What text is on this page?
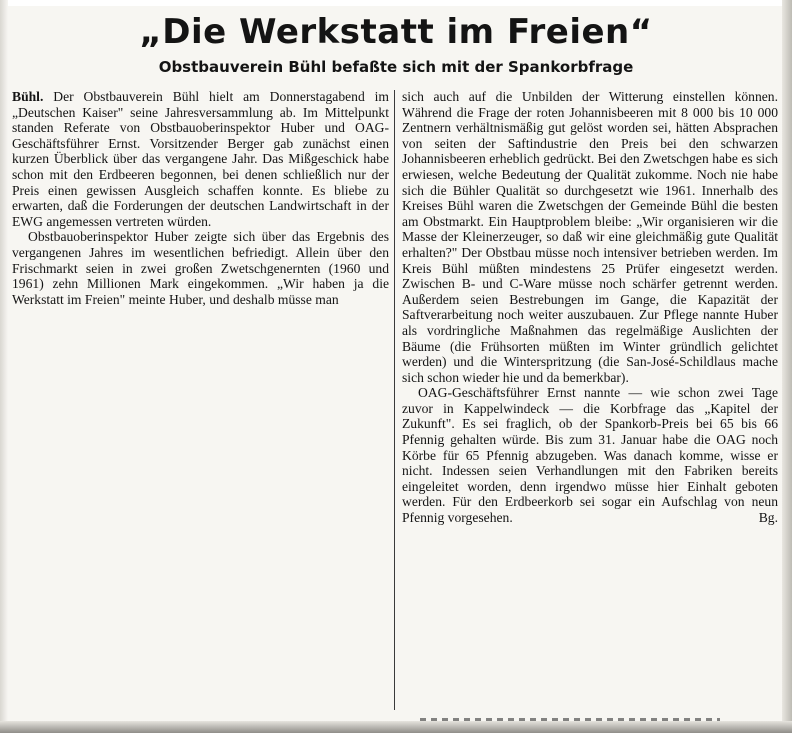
„Die Werkstatt im Freien“
Obstbauverein Bühl befaßte sich mit der Spankorbfrage

Bühl. Der Obstbauverein Bühl hielt am Donnerstagabend im „Deutschen Kaiser" seine Jahresversammlung ab. Im Mittelpunkt standen Referate von Obstbauoberinspektor Huber und OAG-Geschäftsführer Ernst. Vorsitzender Berger gab zunächst einen kurzen Überblick über das vergangene Jahr. Das Mißgeschick habe schon mit den Erdbeeren begonnen, bei denen schließlich nur der Preis einen gewissen Ausgleich schaffen konnte. Es bliebe zu erwarten, daß die Forderungen der deutschen Landwirtschaft in der EWG angemessen vertreten würden.

Obstbauoberinspektor Huber zeigte sich über das Ergebnis des vergangenen Jahres im wesentlichen befriedigt. Allein über den Frischmarkt seien in zwei großen Zwetschgenernten (1960 und 1961) zehn Millionen Mark eingekommen. „Wir haben ja die Werkstatt im Freien" meinte Huber, und deshalb müsse man

sich auch auf die Unbilden der Witterung einstellen können. Während die Frage der roten Johannisbeeren mit 8 000 bis 10 000 Zentnern verhältnismäßig gut gelöst worden sei, hätten Absprachen von seiten der Saftindustrie den Preis bei den schwarzen Johannisbeeren erheblich gedrückt. Bei den Zwetschgen habe es sich erwiesen, welche Bedeutung der Qualität zukomme. Noch nie habe sich die Bühler Qualität so durchgesetzt wie 1961. Innerhalb des Kreises Bühl waren die Zwetschgen der Gemeinde Bühl die besten am Obstmarkt. Ein Hauptproblem bleibe: „Wir organisieren wir die Masse der Kleinerzeuger, so daß wir eine gleichmäßig gute Qualität erhalten?" Der Obstbau müsse noch intensiver betrieben werden. Im Kreis Bühl müßten mindestens 25 Prüfer eingesetzt werden. Zwischen B- und C-Ware müsse noch schärfer getrennt werden. Außerdem seien Bestrebungen im Gange, die Kapazität der Saftverarbeitung noch weiter auszubauen. Zur Pflege nannte Huber als vordringliche Maßnahmen das regelmäßige Auslichten der Bäume (die Frühsorten müßten im Winter gründlich gelichtet werden) und die Winterspritzung (die San-José-Schildlaus mache sich schon wieder hie und da bemerkbar).

OAG-Geschäftsführer Ernst nannte — wie schon zwei Tage zuvor in Kappelwindeck — die Korbfrage das „Kapitel der Zukunft". Es sei fraglich, ob der Spankorb-Preis bei 65 bis 66 Pfennig gehalten würde. Bis zum 31. Januar habe die OAG noch Körbe für 65 Pfennig abzugeben. Was danach komme, wisse er nicht. Indessen seien Verhandlungen mit den Fabriken bereits eingeleitet worden, denn irgendwo müsse hier Einhalt geboten werden. Für den Erdbeerkorb sei sogar ein Aufschlag von neun Pfennig vorgesehen.	Bg.
